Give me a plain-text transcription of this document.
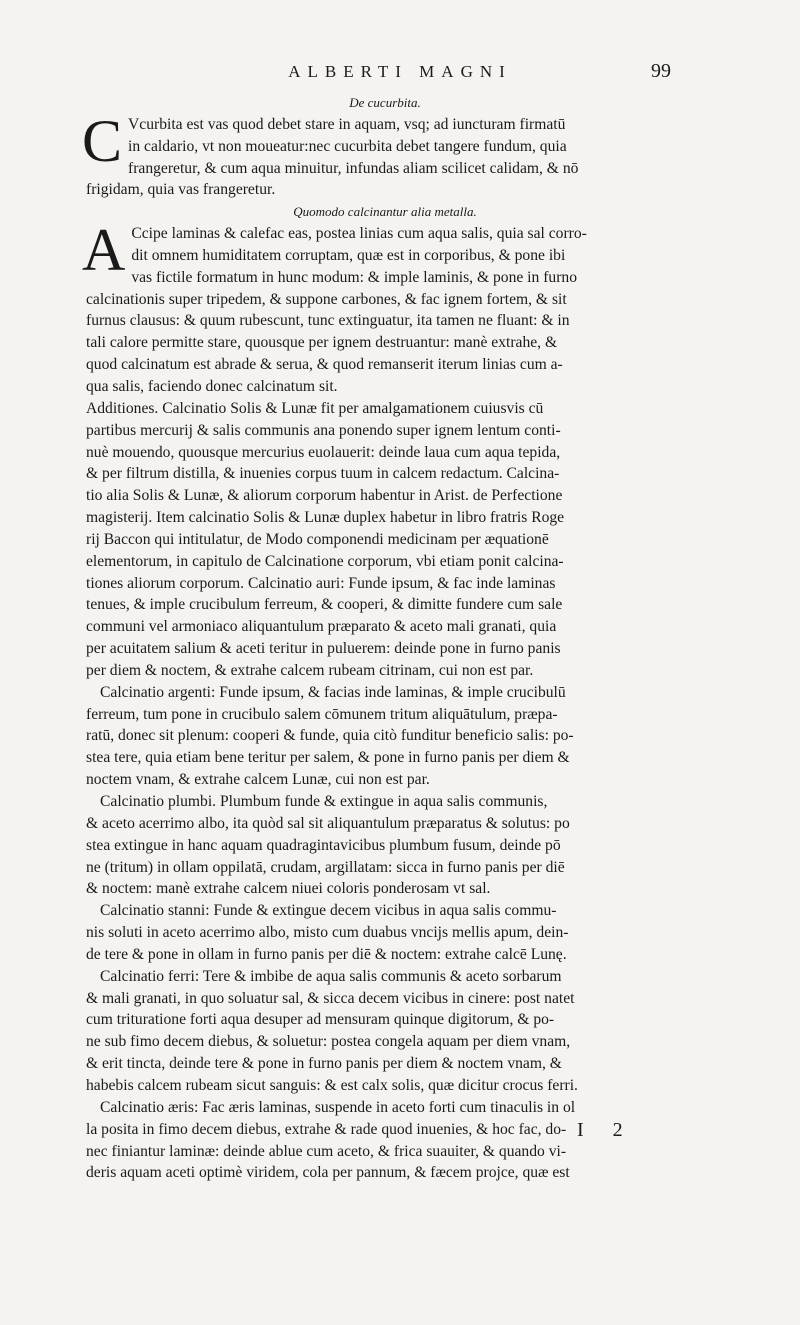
ALBERTI MAGNI	99
De cucurbita.
C Vcurbita est vas quod debet stare in aquam, vsq; ad iuncturam firmatū
in caldario, vt non moueatur:nec cucurbita debet tangere fundum, quia
frangeretur, & cum aqua minuitur, infundas aliam scilicet calidam, & nō
frigidam, quia vas frangeretur.
Quomodo calcinantur alia metalla.
A Ccipe laminas & calefac eas, postea linias cum aqua salis, quia sal corro-
dit omnem humiditatem corruptam, quæ est in corporibus, & pone ibi
vas fictile formatum in hunc modum: & imple laminis, & pone in furno
calcinationis super tripedem, & suppone carbones, & fac ignem fortem, & sit
furnus clausus: & quum rubescunt, tunc extinguatur, ita tamen ne fluant: & in
tali calore permitte stare, quousque per ignem destruantur: manè extrahe, &
quod calcinatum est abrade & serua, & quod remanserit iterum linias cum a-
qua salis, faciendo donec calcinatum sit.
Additiones. Calcinatio Solis & Lunæ fit per amalgamationem cuiusvis cū
partibus mercurij & salis communis ana ponendo super ignem lentum conti-
nuè mouendo, quousque mercurius euolauerit: deinde laua cum aqua tepida,
& per filtrum distilla, & inuenies corpus tuum in calcem redactum. Calcina-
tio alia Solis & Lunæ, & aliorum corporum habentur in Arist. de Perfectione
magisterij. Item calcinatio Solis & Lunæ duplex habetur in libro fratris Roge
rij Baccon qui intitulatur, de Modo componendi medicinam per æquationē
elementorum, in capitulo de Calcinatione corporum, vbi etiam ponit calcina-
tiones aliorum corporum. Calcinatio auri: Funde ipsum, & fac inde laminas
tenues, & imple crucibulum ferreum, & cooperi, & dimitte fundere cum sale
communi vel armoniaco aliquantulum præparato & aceto mali granati, quia
per acuitatem salium & aceti teritur in puluerem: deinde pone in furno panis
per diem & noctem, & extrahe calcem rubeam citrinam, cui non est par.
Calcinatio argenti: Funde ipsum, & facias inde laminas, & imple crucibulū
ferreum, tum pone in crucibulo salem cōmunem tritum aliquātulum, præpa-
ratū, donec sit plenum: cooperi & funde, quia citò funditur beneficio salis: po-
stea tere, quia etiam bene teritur per salem, & pone in furno panis per diem &
noctem vnam, & extrahe calcem Lunæ, cui non est par.
Calcinatio plumbi. Plumbum funde & extingue in aqua salis communis,
& aceto acerrimo albo, ita quòd sal sit aliquantulum præparatus & solutus: po
stea extingue in hanc aquam quadragintavicibus plumbum fusum, deinde pō
ne (tritum) in ollam oppilatā, crudam, argillatam: sicca in furno panis per diē
& noctem: manè extrahe calcem niuei coloris ponderosam vt sal.
Calcinatio stanni: Funde & extingue decem vicibus in aqua salis commu-
nis soluti in aceto acerrimo albo, misto cum duabus vncijs mellis apum, dein-
de tere & pone in ollam in furno panis per diē & noctem: extrahe calcē Lunę.
Calcinatio ferri: Tere & imbibe de aqua salis communis & aceto sorbarum
& mali granati, in quo soluatur sal, & sicca decem vicibus in cinere: post natet
cum trituratione forti aqua desuper ad mensuram quinque digitorum, & po-
ne sub fimo decem diebus, & soluetur: postea congela aquam per diem vnam,
& erit tincta, deinde tere & pone in furno panis per diem & noctem vnam, &
habebis calcem rubeam sicut sanguis: & est calx solis, quæ dicitur crocus ferri.
Calcinatio æris: Fac æris laminas, suspende in aceto forti cum tinaculis in ol
la posita in fimo decem diebus, extrahe & rade quod inuenies, & hoc fac, do-
nec finiantur laminæ: deinde ablue cum aceto, & frica suauiter, & quando vi-
deris aquam aceti optimè viridem, cola per pannum, & fæcem projce, quæ est
I 2
